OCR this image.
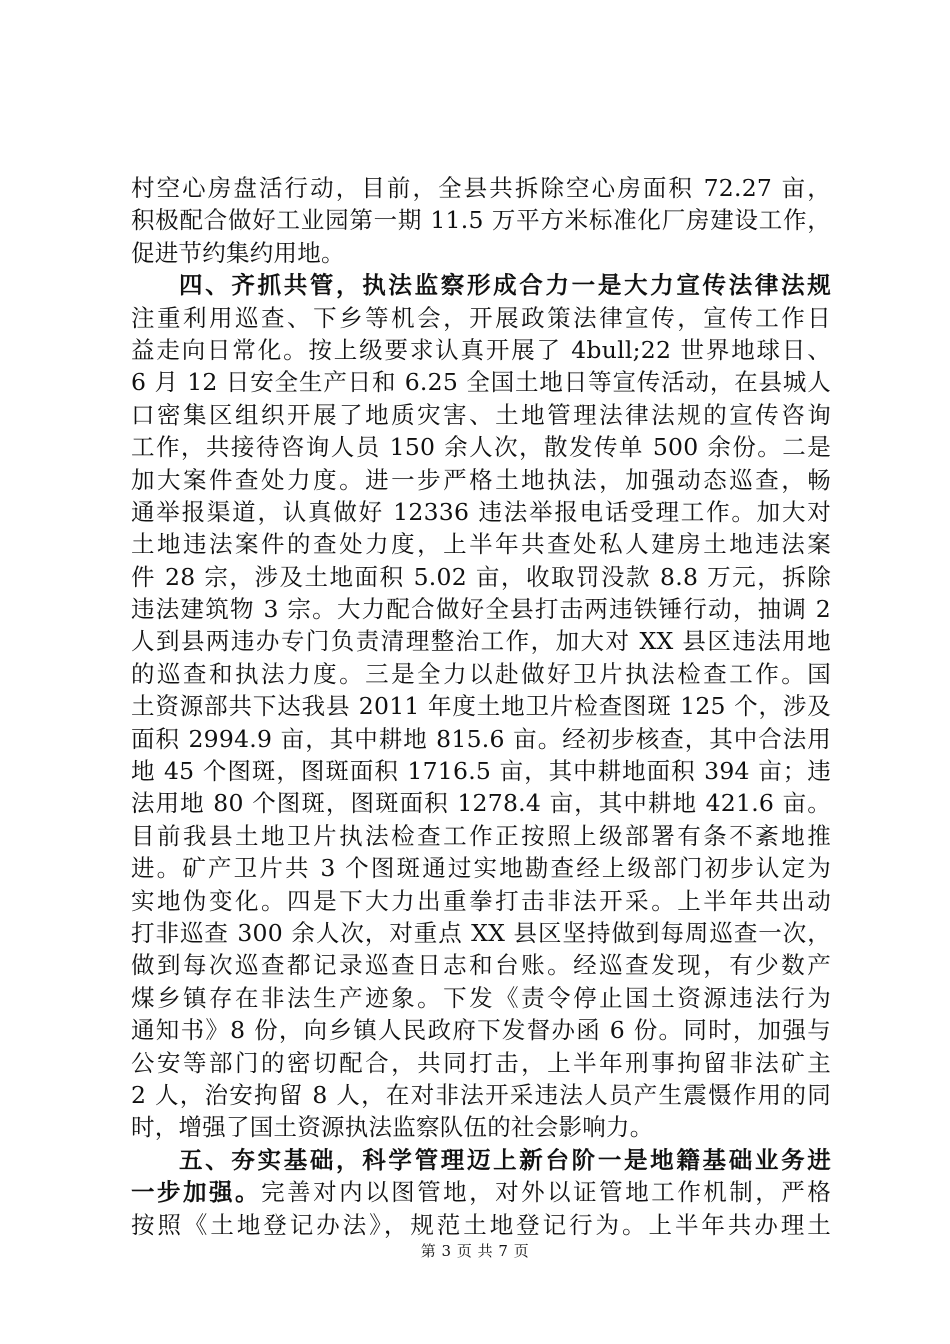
村空心房盘活行动，目前，全县共拆除空心房面积 72.27 亩，

积极配合做好工业园第一期 11.5 万平方米标准化厂房建设工作，

促进节约集约用地。

四、齐抓共管，执法监察形成合力一是大力宣传法律法规

注重利用巡查、下乡等机会，开展政策法律宣传，宣传工作日

益走向日常化。按上级要求认真开展了 4bull;22 世界地球日、

6 月 12 日安全生产日和 6.25 全国土地日等宣传活动，在县城人

口密集区组织开展了地质灾害、土地管理法律法规的宣传咨询

工作，共接待咨询人员 150 余人次，散发传单 500 余份。二是

加大案件查处力度。进一步严格土地执法，加强动态巡查，畅

通举报渠道，认真做好 12336 违法举报电话受理工作。加大对

土地违法案件的查处力度，上半年共查处私人建房土地违法案

件 28 宗，涉及土地面积 5.02 亩，收取罚没款 8.8 万元，拆除

违法建筑物 3 宗。大力配合做好全县打击两违铁锤行动，抽调 2

人到县两违办专门负责清理整治工作，加大对 XX 县区违法用地

的巡查和执法力度。三是全力以赴做好卫片执法检查工作。国

土资源部共下达我县 2011 年度土地卫片检查图斑 125 个，涉及

面积 2994.9 亩，其中耕地 815.6 亩。经初步核查，其中合法用

地 45 个图斑，图斑面积 1716.5 亩，其中耕地面积 394 亩；违

法用地 80 个图斑，图斑面积 1278.4 亩，其中耕地 421.6 亩。

目前我县土地卫片执法检查工作正按照上级部署有条不紊地推

进。矿产卫片共 3 个图斑通过实地勘查经上级部门初步认定为

实地伪变化。四是下大力出重拳打击非法开采。上半年共出动

打非巡查 300 余人次，对重点 XX 县区坚持做到每周巡查一次，

做到每次巡查都记录巡查日志和台账。经巡查发现，有少数产

煤乡镇存在非法生产迹象。下发《责令停止国土资源违法行为

通知书》8 份，向乡镇人民政府下发督办函 6 份。同时，加强与

公安等部门的密切配合，共同打击，上半年刑事拘留非法矿主

2 人，治安拘留 8 人，在对非法开采违法人员产生震慑作用的同

时，增强了国土资源执法监察队伍的社会影响力。

五、夯实基础，科学管理迈上新台阶一是地籍基础业务进

一步加强。完善对内以图管地，对外以证管地工作机制，严格

按照《土地登记办法》，规范土地登记行为。上半年共办理土

第 3 页 共 7 页
